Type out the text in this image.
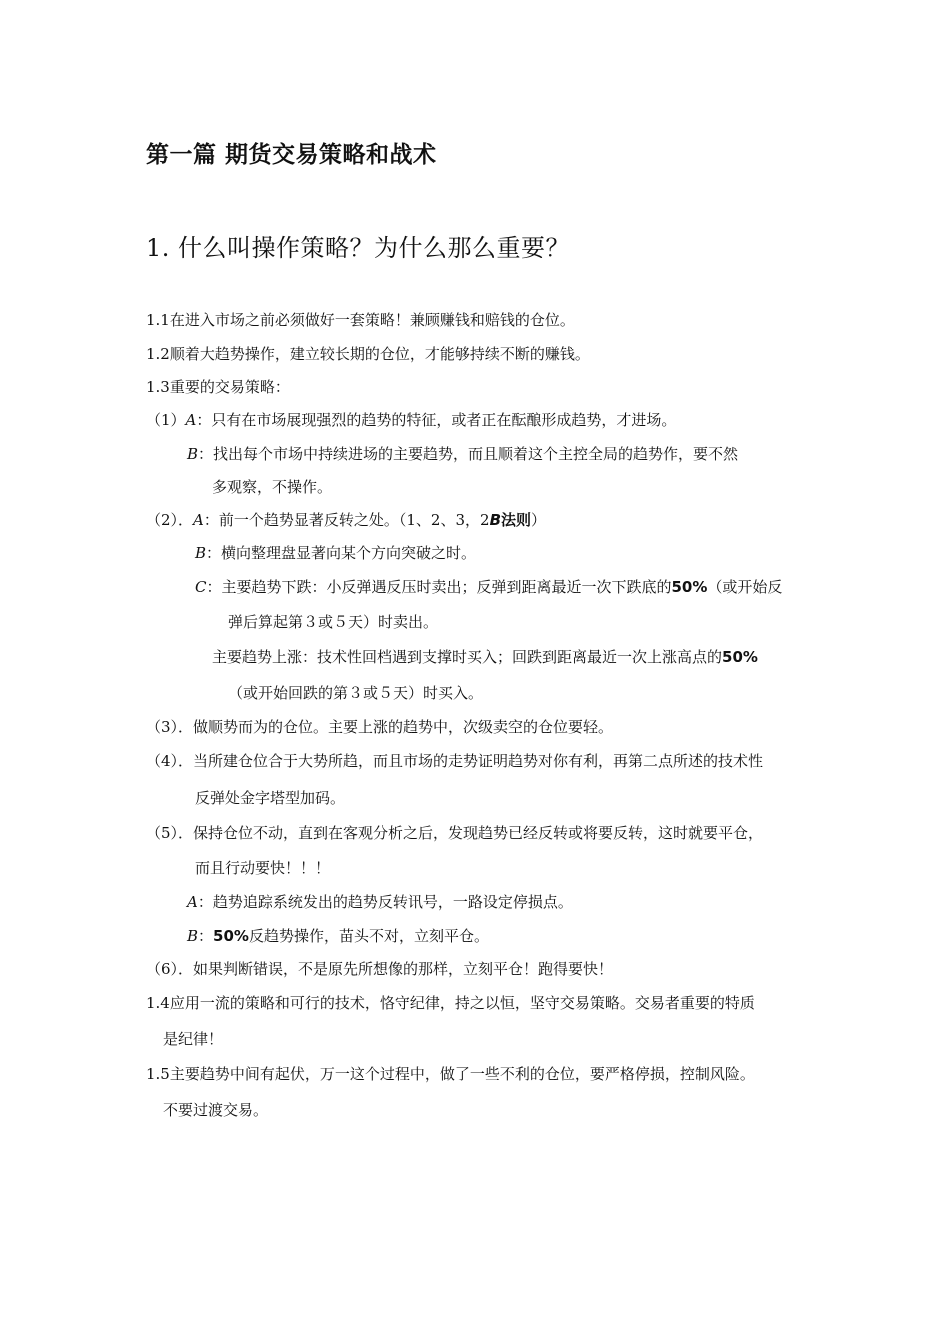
第一篇 期货交易策略和战术
1. 什么叫操作策略？为什么那么重要？
1.1在进入市场之前必须做好一套策略！兼顾赚钱和赔钱的仓位。
1.2顺着大趋势操作，建立较长期的仓位，才能够持续不断的赚钱。
1.3重要的交易策略：
（1）A：只有在市场展现强烈的趋势的特征，或者正在酝酿形成趋势，才进场。
B：找出每个市场中持续进场的主要趋势，而且顺着这个主控全局的趋势作，要不然
多观察，不操作。
（2）．A：前一个趋势显著反转之处。（1、2、3，2B法则）
B：横向整理盘显著向某个方向突破之时。
C：主要趋势下跌：小反弹遇反压时卖出；反弹到距离最近一次下跌底的50%（或开始反
弹后算起第３或５天）时卖出。
主要趋势上涨：技术性回档遇到支撑时买入；回跌到距离最近一次上涨高点的50%
（或开始回跌的第３或５天）时买入。
（3）．做顺势而为的仓位。主要上涨的趋势中，次级卖空的仓位要轻。
（4）．当所建仓位合于大势所趋，而且市场的走势证明趋势对你有利，再第二点所述的技术性
反弹处金字塔型加码。
（5）．保持仓位不动，直到在客观分析之后，发现趋势已经反转或将要反转，这时就要平仓，
而且行动要快！！！
A：趋势追踪系统发出的趋势反转讯号，一路设定停损点。
B：50%反趋势操作，苗头不对，立刻平仓。
（6）．如果判断错误，不是原先所想像的那样，立刻平仓！跑得要快！
1.4应用一流的策略和可行的技术，恪守纪律，持之以恒，坚守交易策略。交易者重要的特质
是纪律！
1.5主要趋势中间有起伏，万一这个过程中，做了一些不利的仓位，要严格停损，控制风险。
不要过渡交易。
